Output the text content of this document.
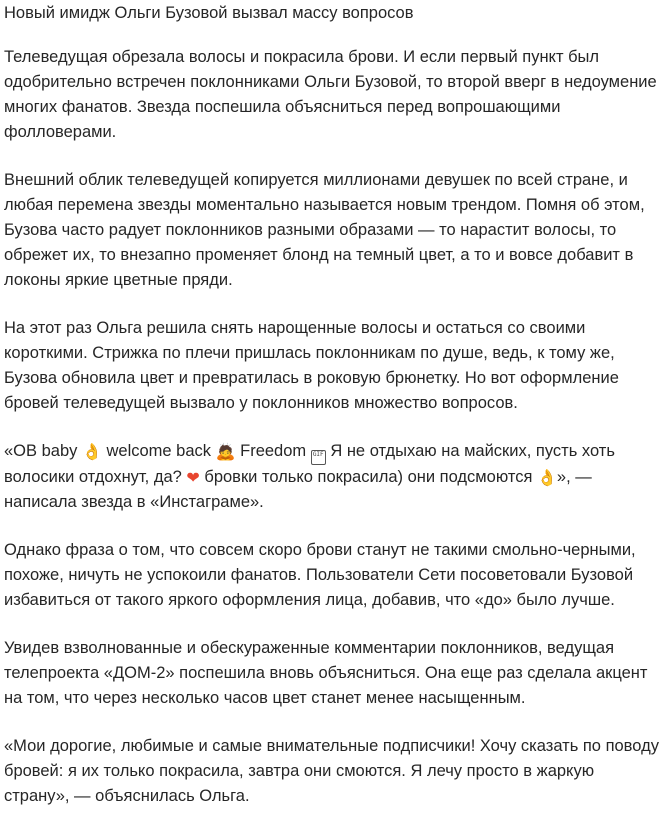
Новый имидж Ольги Бузовой вызвал массу вопросов

Телеведущая обрезала волосы и покрасила брови. И если первый пункт был одобрительно встречен поклонниками Ольги Бузовой, то второй вверг в недоумение многих фанатов. Звезда поспешила объясниться перед вопрошающими фолловерами.

Внешний облик телеведущей копируется миллионами девушек по всей стране, и любая перемена звезды моментально называется новым трендом. Помня об этом, Бузова часто радует поклонников разными образами — то нарастит волосы, то обрежет их, то внезапно променяет блонд на темный цвет, а то и вовсе добавит в локоны яркие цветные пряди.

На этот раз Ольга решила снять нарощенные волосы и остаться со своими короткими. Стрижка по плечи пришлась поклонникам по душе, ведь, к тому же, Бузова обновила цвет и превратилась в роковую брюнетку. Но вот оформление бровей телеведущей вызвало у поклонников множество вопросов.

«ОВ baby 👌 welcome back 🙇 Freedom GIF Я не отдыхаю на майских, пусть хоть волосики отдохнут, да? ❤ бровки только покрасила) они подсмоются 👌», — написала звезда в «Инстаграме».

Однако фраза о том, что совсем скоро брови станут не такими смольно-черными, похоже, ничуть не успокоили фанатов. Пользователи Сети посоветовали Бузовой избавиться от такого яркого оформления лица, добавив, что «до» было лучше.

Увидев взволнованные и обескураженные комментарии поклонников, ведущая телепроекта «ДОМ-2» поспешила вновь объясниться. Она еще раз сделала акцент на том, что через несколько часов цвет станет менее насыщенным.

«Мои дорогие, любимые и самые внимательные подписчики! Хочу сказать по поводу бровей: я их только покрасила, завтра они смоются. Я лечу просто в жаркую страну», — объяснилась Ольга.
